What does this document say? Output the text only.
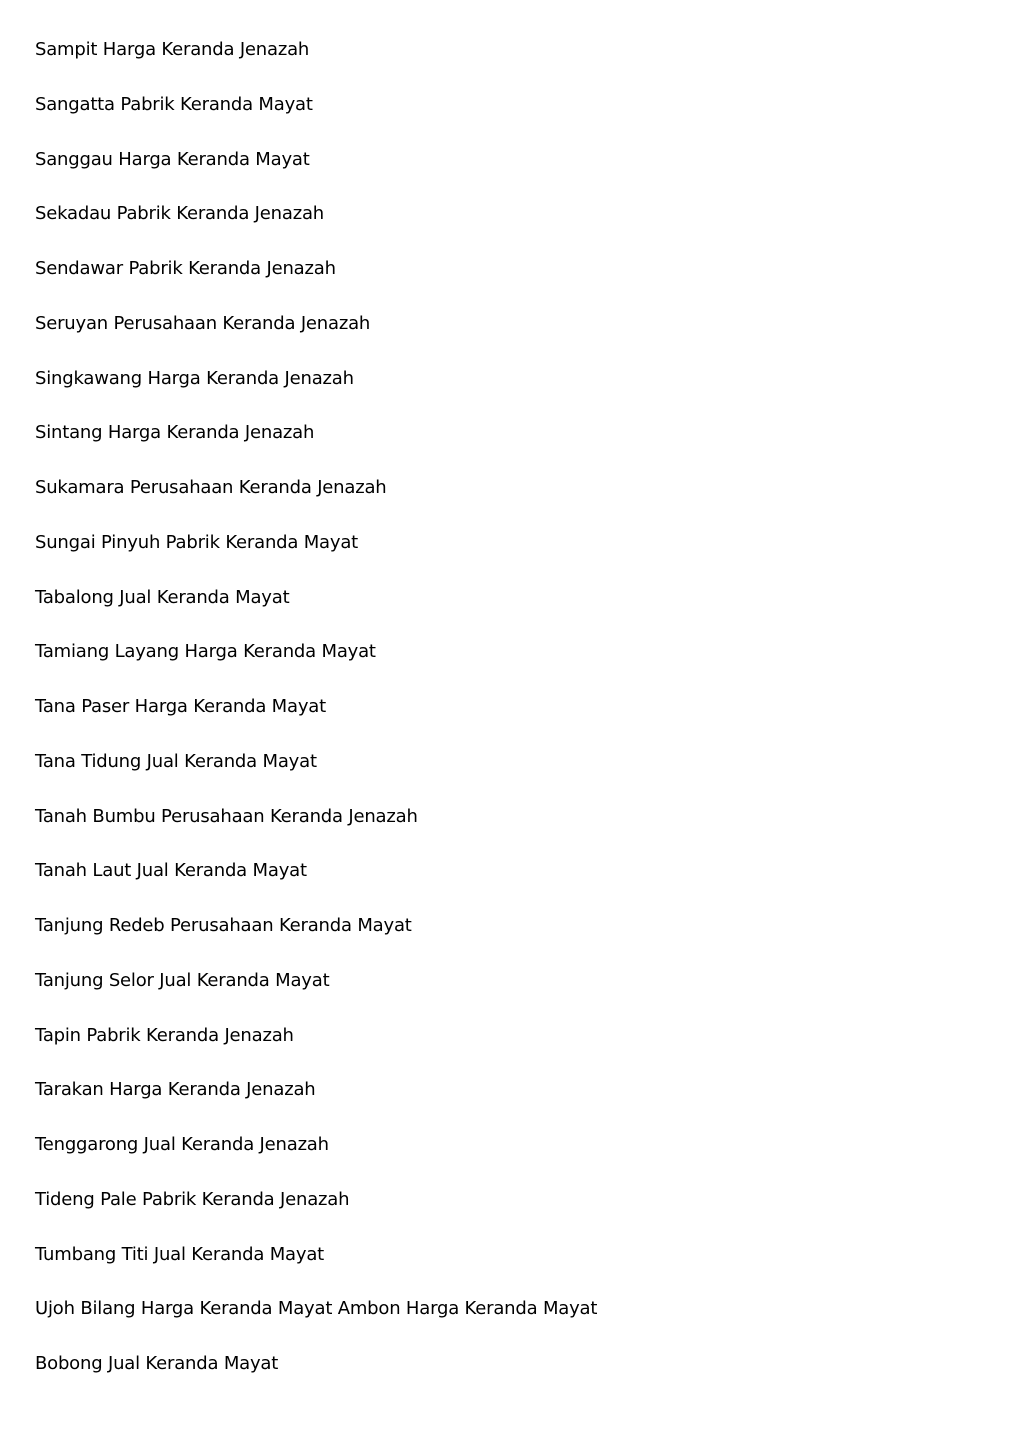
Sampit Harga Keranda Jenazah
Sangatta Pabrik Keranda Mayat
Sanggau Harga Keranda Mayat
Sekadau Pabrik Keranda Jenazah
Sendawar Pabrik Keranda Jenazah
Seruyan Perusahaan Keranda Jenazah
Singkawang Harga Keranda Jenazah
Sintang Harga Keranda Jenazah
Sukamara Perusahaan Keranda Jenazah
Sungai Pinyuh Pabrik Keranda Mayat
Tabalong Jual Keranda Mayat
Tamiang Layang Harga Keranda Mayat
Tana Paser Harga Keranda Mayat
Tana Tidung Jual Keranda Mayat
Tanah Bumbu Perusahaan Keranda Jenazah
Tanah Laut Jual Keranda Mayat
Tanjung Redeb Perusahaan Keranda Mayat
Tanjung Selor Jual Keranda Mayat
Tapin Pabrik Keranda Jenazah
Tarakan Harga Keranda Jenazah
Tenggarong Jual Keranda Jenazah
Tideng Pale Pabrik Keranda Jenazah
Tumbang Titi Jual Keranda Mayat
Ujoh Bilang Harga Keranda Mayat Ambon Harga Keranda Mayat
Bobong Jual Keranda Mayat
